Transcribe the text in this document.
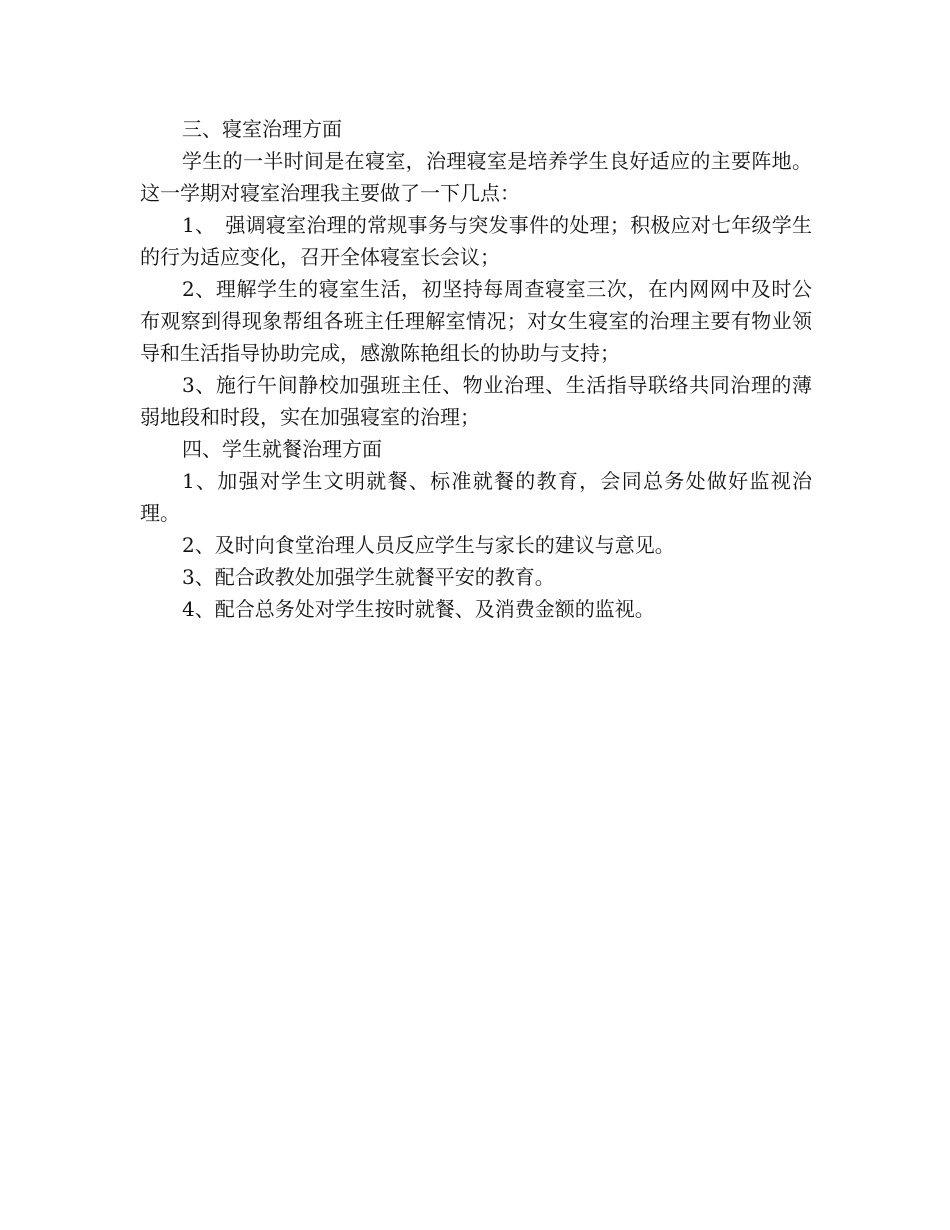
三、寝室治理方面

学生的一半时间是在寝室，治理寝室是培养学生良好适应的主要阵地。这一学期对寝室治理我主要做了一下几点：

1、　强调寝室治理的常规事务与突发事件的处理；积极应对七年级学生的行为适应变化，召开全体寝室长会议；

2、理解学生的寝室生活，初坚持每周查寝室三次，在内网网中及时公布观察到得现象帮组各班主任理解室情况；对女生寝室的治理主要有物业领导和生活指导协助完成，感激陈艳组长的协助与支持；

3、施行午间静校加强班主任、物业治理、生活指导联络共同治理的薄弱地段和时段，实在加强寝室的治理；

四、学生就餐治理方面

1、加强对学生文明就餐、标准就餐的教育，会同总务处做好监视治理。

2、及时向食堂治理人员反应学生与家长的建议与意见。

3、配合政教处加强学生就餐平安的教育。

4、配合总务处对学生按时就餐、及消费金额的监视。
